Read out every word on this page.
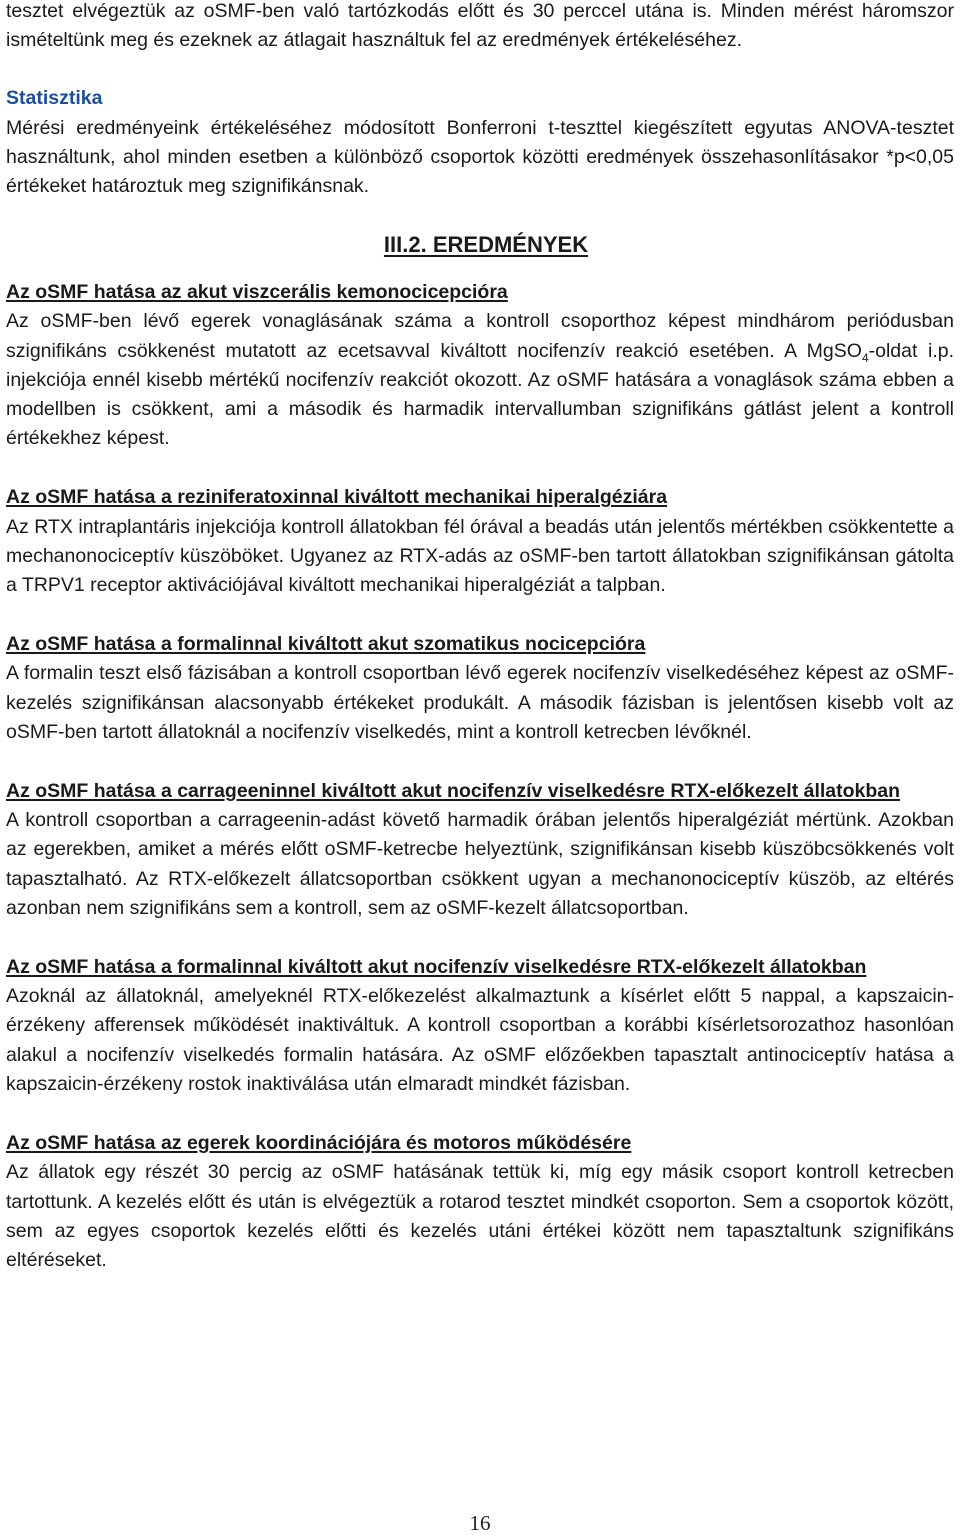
tesztet elvégeztük az oSMF-ben való tartózkodás előtt és 30 perccel utána is. Minden mérést háromszor ismételtünk meg és ezeknek az átlagait használtuk fel az eredmények értékeléséhez.

Statisztika

Mérési eredményeink értékeléséhez módosított Bonferroni t-teszttel kiegészített egyutas ANOVA-tesztet használtunk, ahol minden esetben a különböző csoportok közötti eredmények összehasonlításakor *p<0,05 értékeket határoztuk meg szignifikánsnak.

III.2. EREDMÉNYEK

Az oSMF hatása az akut viszcerális kemonocicepcióra

Az oSMF-ben lévő egerek vonaglásának száma a kontroll csoporthoz képest mindhárom periódusban szignifikáns csökkenést mutatott az ecetsavval kiváltott nocifenzív reakció esetében. A MgSO$_4$-oldat i.p. injekciója ennél kisebb mértékű nocifenzív reakciót okozott. Az oSMF hatására a vonaglások száma ebben a modellben is csökkent, ami a második és harmadik intervallumban szignifikáns gátlást jelent a kontroll értékekhez képest.

Az oSMF hatása a reziniferatoxinnal kiváltott mechanikai hiperalgéziára

Az RTX intraplantáris injekciója kontroll állatokban fél órával a beadás után jelentős mértékben csökkentette a mechanonociceptív küszöböket. Ugyanez az RTX-adás az oSMF-ben tartott állatokban szignifikánsan gátolta a TRPV1 receptor aktivációjával kiváltott mechanikai hiperalgéziát a talpban.

Az oSMF hatása a formalinnal kiváltott akut szomatikus nocicepcióra

A formalin teszt első fázisában a kontroll csoportban lévő egerek nocifenzív viselkedéséhez képest az oSMF-kezelés szignifikánsan alacsonyabb értékeket produkált. A második fázisban is jelentősen kisebb volt az oSMF-ben tartott állatoknál a nocifenzív viselkedés, mint a kontroll ketrecben lévőknél.

Az oSMF hatása a carrageeninnel kiváltott akut nocifenzív viselkedésre RTX-előkezelt állatokban

A kontroll csoportban a carrageenin-adást követő harmadik órában jelentős hiperalgéziát mértünk. Azokban az egerekben, amiket a mérés előtt oSMF-ketrecbe helyeztünk, szignifikánsan kisebb küszöbcsökkenés volt tapasztalható. Az RTX-előkezelt állatcsoportban csökkent ugyan a mechanonociceptív küszöb, az eltérés azonban nem szignifikáns sem a kontroll, sem az oSMF-kezelt állatcsoportban.

Az oSMF hatása a formalinnal kiváltott akut nocifenzív viselkedésre RTX-előkezelt állatokban

Azoknál az állatoknál, amelyeknél RTX-előkezelést alkalmaztunk a kísérlet előtt 5 nappal, a kapszaicin-érzékeny afferensek működését inaktiváltuk. A kontroll csoportban a korábbi kísérletsorozathoz hasonlóan alakul a nocifenzív viselkedés formalin hatására. Az oSMF előzőekben tapasztalt antinociceptív hatása a kapszaicin-érzékeny rostok inaktiválása után elmaradt mindkét fázisban.

Az oSMF hatása az egerek koordinációjára és motoros működésére

Az állatok egy részét 30 percig az oSMF hatásának tettük ki, míg egy másik csoport kontroll ketrecben tartottunk. A kezelés előtt és után is elvégeztük a rotarod tesztet mindkét csoporton. Sem a csoportok között, sem az egyes csoportok kezelés előtti és kezelés utáni értékei között nem tapasztaltunk szignifikáns eltéréseket.

16
